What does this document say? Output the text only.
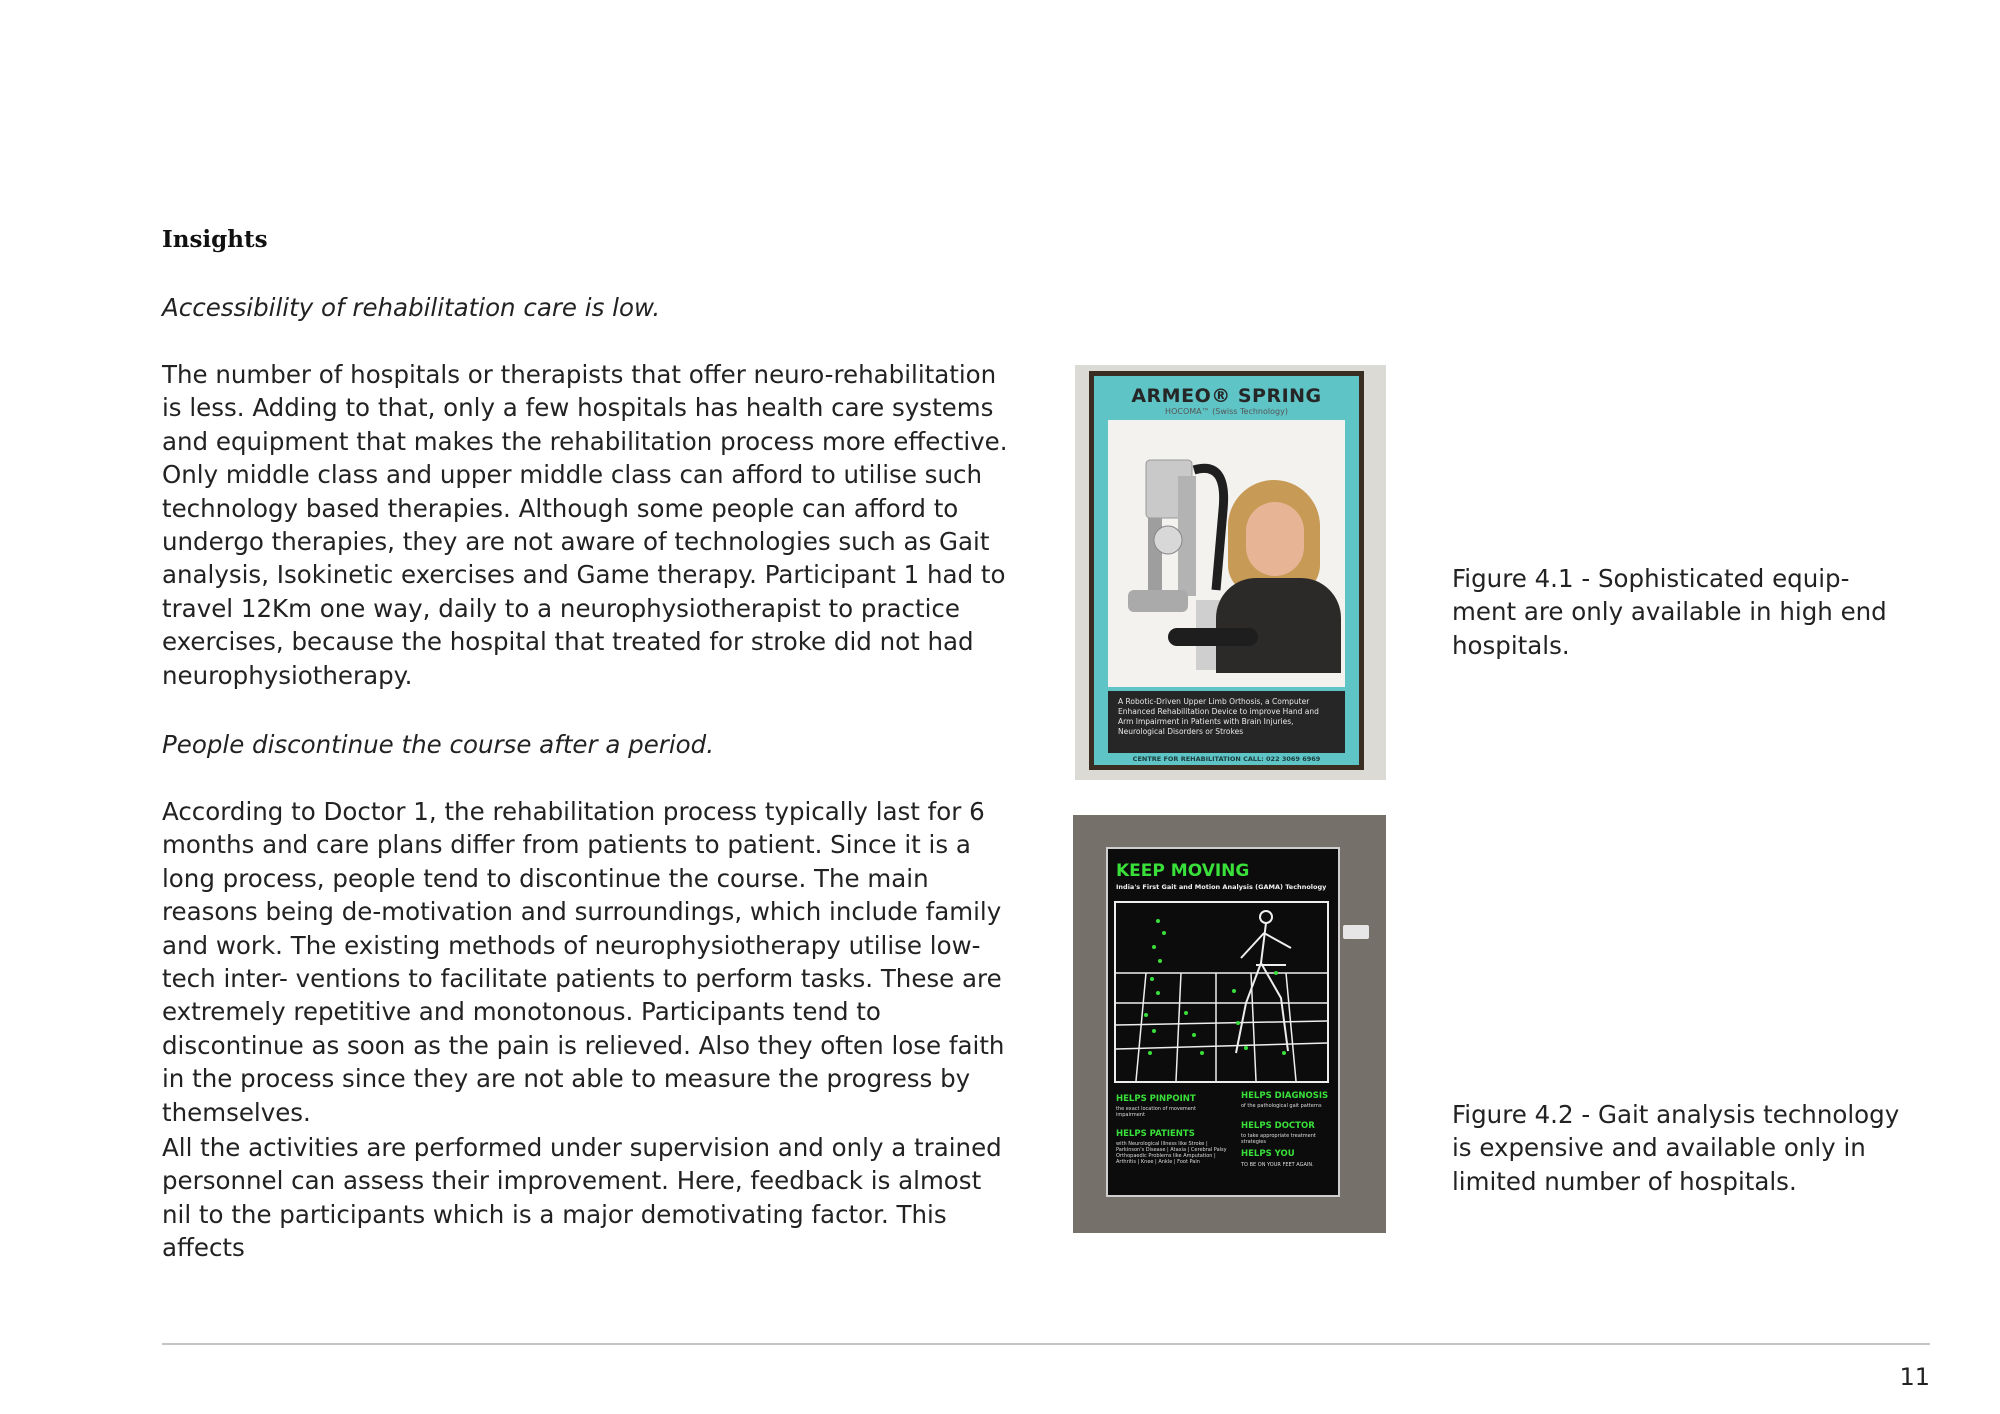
Insights

Accessibility of rehabilitation care is low.

The number of hospitals or therapists that offer neuro-rehabilitation is less. Adding to that, only a few hospitals has health care systems and equipment that makes the rehabilitation process more effective. Only middle class and upper middle class can afford to utilise such technology based therapies. Although some people can afford to undergo therapies, they are not aware of technologies such as Gait analysis, Isokinetic exercises and Game therapy. Participant 1 had to travel 12Km one way, daily to a neurophysiotherapist to practice exercises, because the hospital that treated for stroke did not had neurophysiotherapy.

People discontinue the course after a period.

According to Doctor 1, the rehabilitation process typically last for 6 months and care plans differ from patients to patient. Since it is a long process, people tend to discontinue the course. The main reasons being de-motivation and surroundings, which include family and work. The existing methods of neurophysiotherapy utilise low-tech inter- ventions to facilitate patients to perform tasks. These are extremely repetitive and monotonous. Participants tend to discontinue as soon as the pain is relieved. Also they often lose faith in the process since they are not able to measure the progress by themselves.

All the activities are performed under supervision and only a trained personnel can assess their improvement. Here, feedback is almost nil to the participants which is a major demotivating factor. This affects

ARMEO® SPRING
HOCOMA™ (Swiss Technology)
A Robotic-Driven Upper Limb Orthosis, a Computer Enhanced Rehabilitation Device to improve Hand and Arm Impairment in Patients with Brain Injuries, Neurological Disorders or Strokes
CENTRE FOR REHABILITATION CALL: 022 3069 6969

Figure 4.1 - Sophisticated equip- ment are only available in high end hospitals.

KEEP MOVING
India's First Gait and Motion Analysis (GAMA) Technology
HELPS PINPOINT
the exact location of movement impairment
HELPS DIAGNOSIS
of the pathological gait patterns
HELPS PATIENTS
with Neurological Illness like Stroke | Parkinson's Disease | Ataxia | Cerebral Palsy Orthopaedic Problems like Amputation | Arthritis | Knee | Ankle | Foot Pain
HELPS DOCTOR
to take appropriate treatment strategies
HELPS YOU
TO BE ON YOUR FEET AGAIN.

Figure 4.2 - Gait analysis technology is expensive and available only in limited number of hospitals.

11
